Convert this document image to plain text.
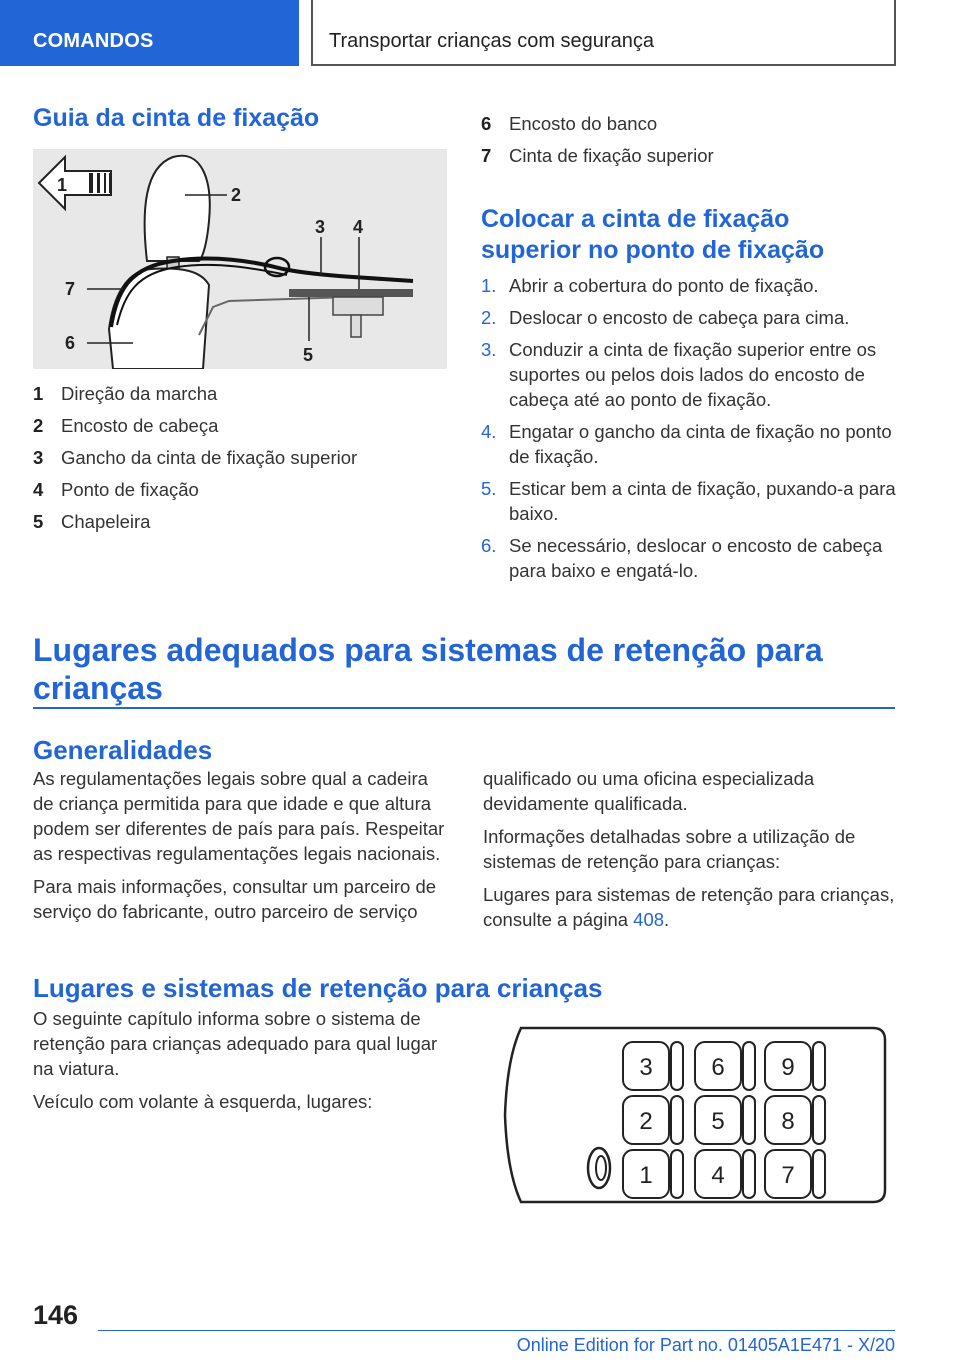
COMANDOS	Transportar crianças com segurança
Guia da cinta de fixação
1	2
3 4
5
6
7
1 Direção da marcha
2 Encosto de cabeça
3 Gancho da cinta de fixação superior
4 Ponto de fixação
5 Chapeleira
6 Encosto do banco
7 Cinta de fixação superior
Colocar a cinta de fixação
superior no ponto de fixação
1. Abrir a cobertura do ponto de fixação.
2. Deslocar o encosto de cabeça para cima.
3. Conduzir a cinta de fixação superior entre os suportes ou pelos dois lados do encosto de cabeça até ao ponto de fixação.
4. Engatar o gancho da cinta de fixação no ponto de fixação.
5. Esticar bem a cinta de fixação, puxando-a para baixo.
6. Se necessário, deslocar o encosto de cabeça para baixo e engatá-lo.
Lugares adequados para sistemas de retenção para
crianças
Generalidades

As regulamentações legais sobre qual a cadeira de criança permitida para que idade e que altura podem ser diferentes de país para país. Respeitar as respectivas regulamentações legais nacionais.

Para mais informações, consultar um parceiro de serviço do fabricante, outro parceiro de serviço qualificado ou uma oficina especializada devidamente qualificada.

Informações detalhadas sobre a utilização de sistemas de retenção para crianças:

Lugares para sistemas de retenção para crianças, consulte a página 408.

Lugares e sistemas de retenção para crianças

O seguinte capítulo informa sobre o sistema de retenção para crianças adequado para qual lugar na viatura.

Veículo com volante à esquerda, lugares:

3 6 9
2 5 8
1 4 7
146
Online Edition for Part no. 01405A1E471 - X/20
